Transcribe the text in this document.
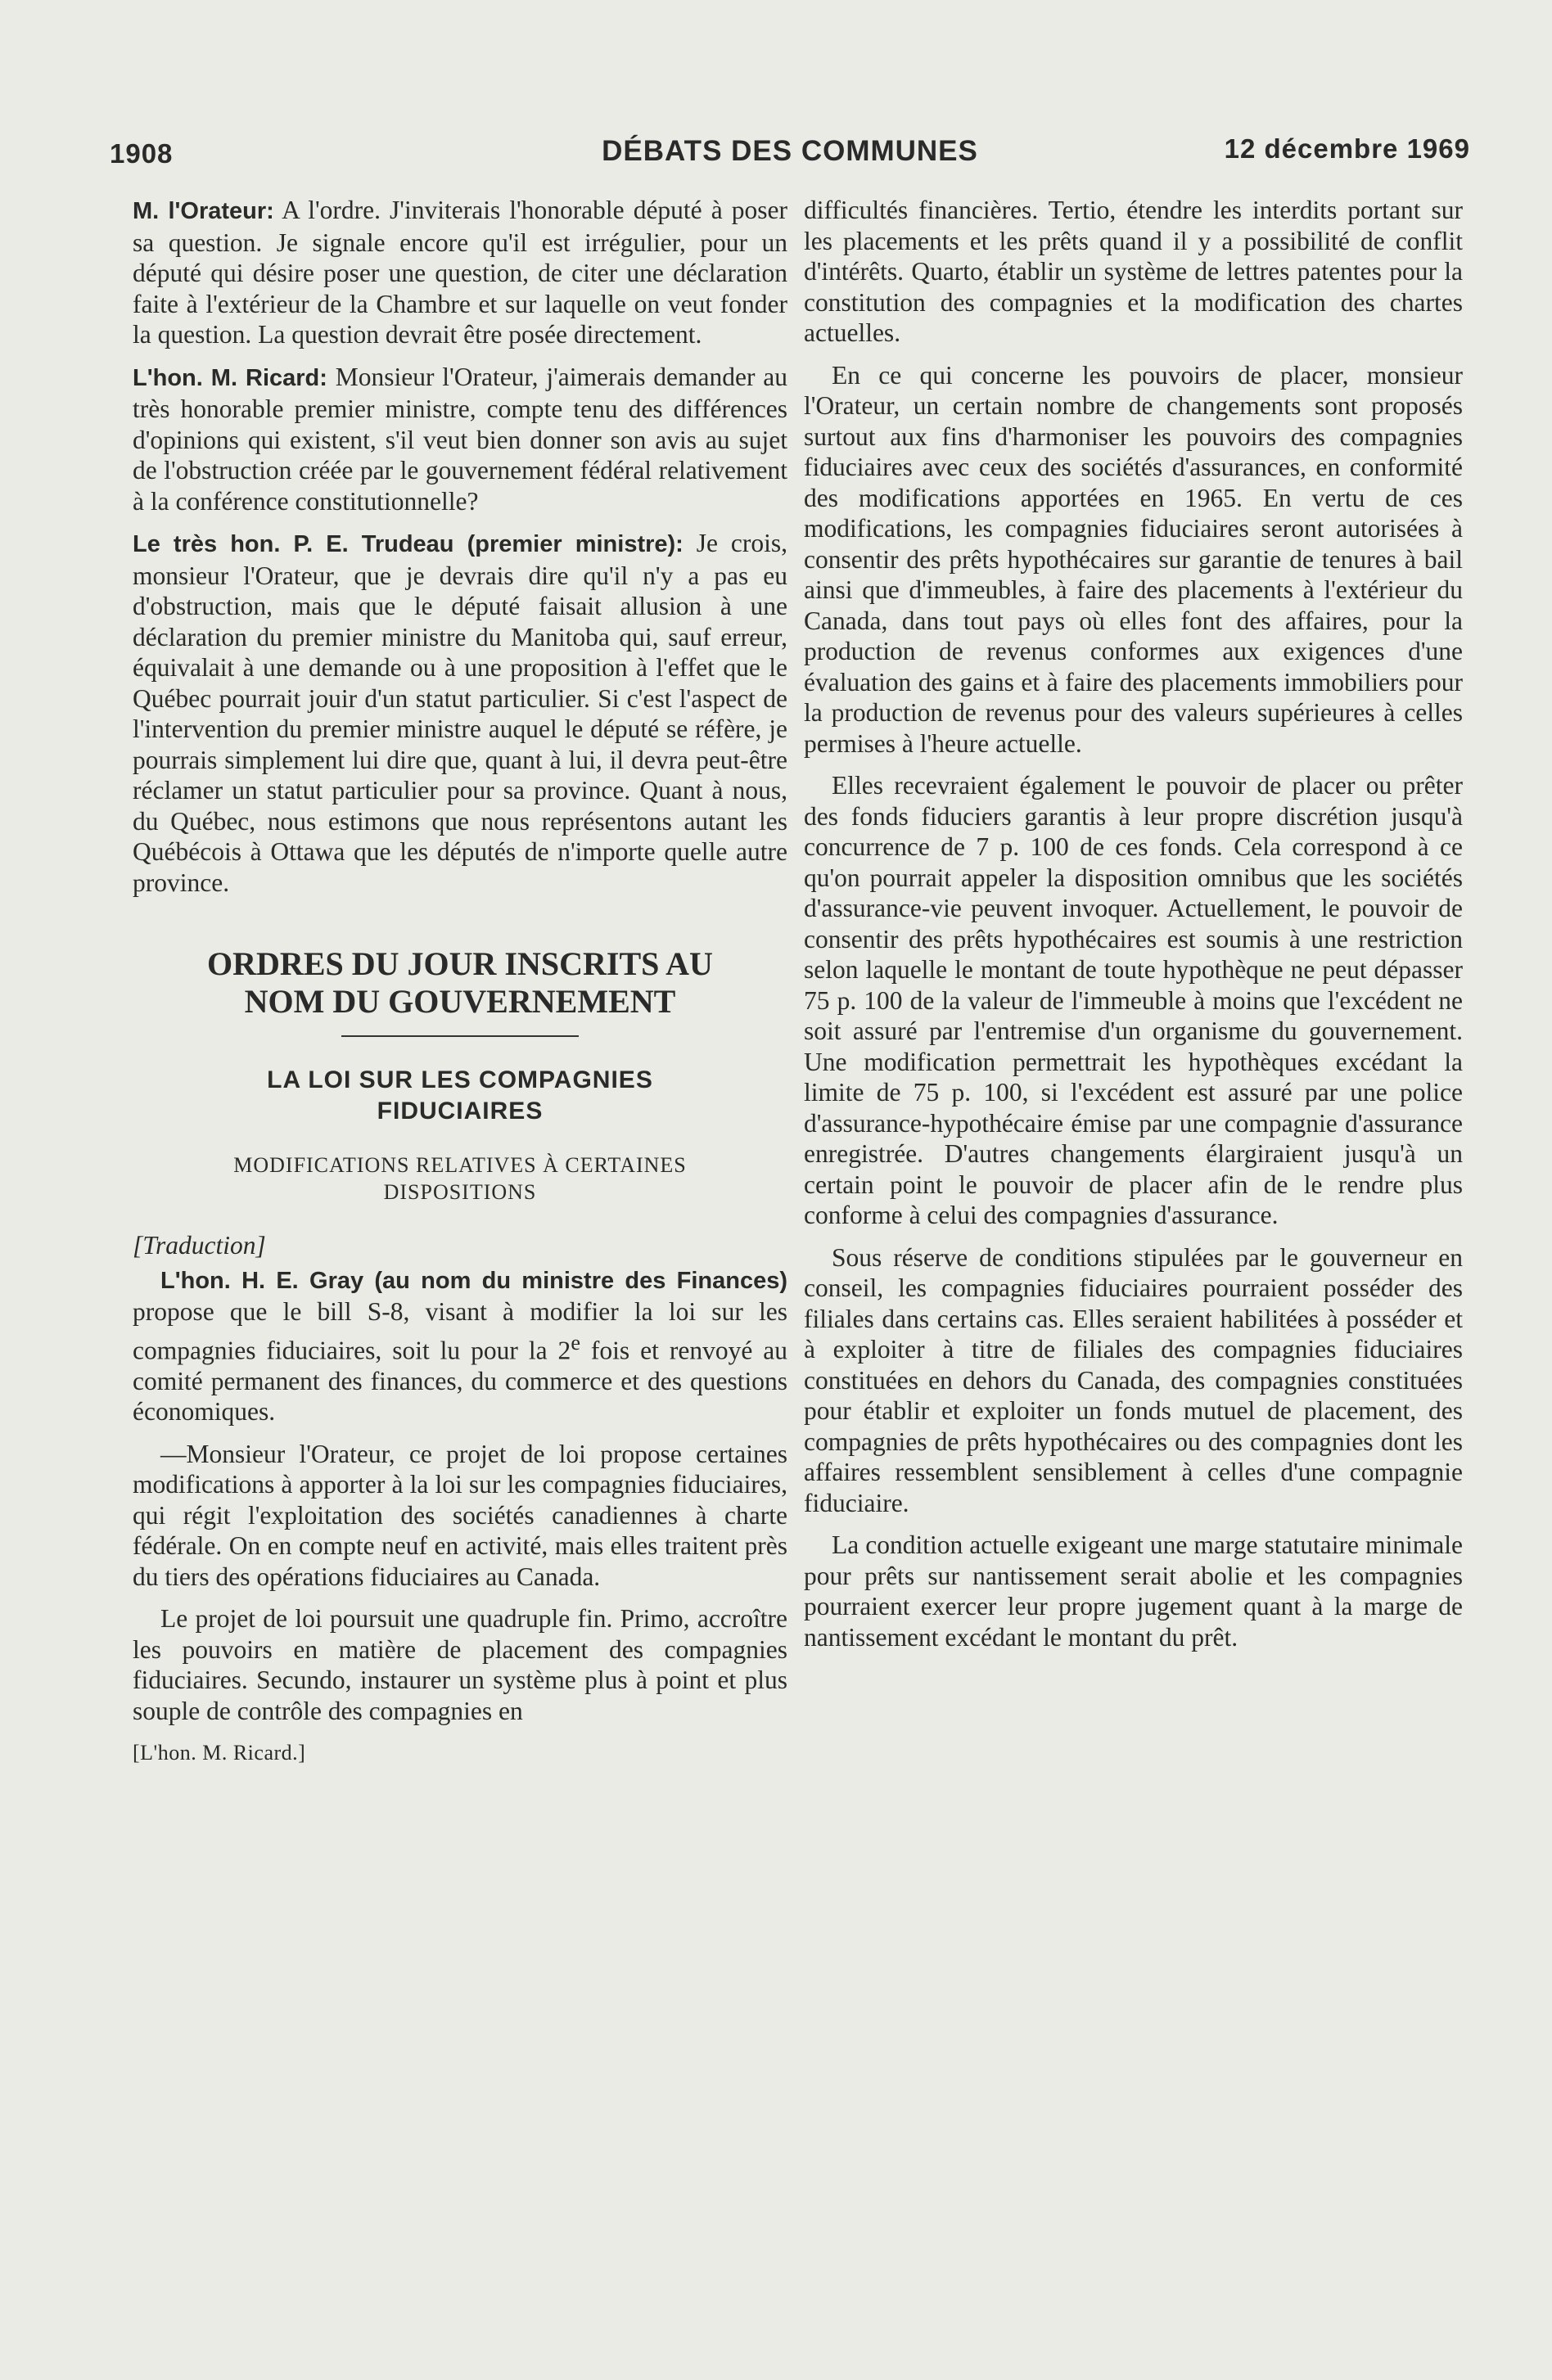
1908	DÉBATS DES COMMUNES	12 décembre 1969

M. l'Orateur: A l'ordre. J'inviterais l'honorable député à poser sa question. Je signale encore qu'il est irrégulier, pour un député qui désire poser une question, de citer une déclaration faite à l'extérieur de la Chambre et sur laquelle on veut fonder la question. La question devrait être posée directement.

L'hon. M. Ricard: Monsieur l'Orateur, j'aimerais demander au très honorable premier ministre, compte tenu des différences d'opinions qui existent, s'il veut bien donner son avis au sujet de l'obstruction créée par le gouvernement fédéral relativement à la conférence constitutionnelle?

Le très hon. P. E. Trudeau (premier ministre): Je crois, monsieur l'Orateur, que je devrais dire qu'il n'y a pas eu d'obstruction, mais que le député faisait allusion à une déclaration du premier ministre du Manitoba qui, sauf erreur, équivalait à une demande ou à une proposition à l'effet que le Québec pourrait jouir d'un statut particulier. Si c'est l'aspect de l'intervention du premier ministre auquel le député se réfère, je pourrais simplement lui dire que, quant à lui, il devra peut-être réclamer un statut particulier pour sa province. Quant à nous, du Québec, nous estimons que nous représentons autant les Québécois à Ottawa que les députés de n'importe quelle autre province.

ORDRES DU JOUR INSCRITS AU
NOM DU GOUVERNEMENT
LA LOI SUR LES COMPAGNIES
FIDUCIAIRES
MODIFICATIONS RELATIVES À CERTAINES
DISPOSITIONS

[Traduction]

L'hon. H. E. Gray (au nom du ministre des Finances) propose que le bill S-8, visant à modifier la loi sur les compagnies fiduciaires, soit lu pour la 2e fois et renvoyé au comité permanent des finances, du commerce et des questions économiques.

—Monsieur l'Orateur, ce projet de loi propose certaines modifications à apporter à la loi sur les compagnies fiduciaires, qui régit l'exploitation des sociétés canadiennes à charte fédérale. On en compte neuf en activité, mais elles traitent près du tiers des opérations fiduciaires au Canada.

Le projet de loi poursuit une quadruple fin. Primo, accroître les pouvoirs en matière de placement des compagnies fiduciaires. Secundo, instaurer un système plus à point et plus souple de contrôle des compagnies en

[L'hon. M. Ricard.]

difficultés financières. Tertio, étendre les interdits portant sur les placements et les prêts quand il y a possibilité de conflit d'intérêts. Quarto, établir un système de lettres patentes pour la constitution des compagnies et la modification des chartes actuelles.

En ce qui concerne les pouvoirs de placer, monsieur l'Orateur, un certain nombre de changements sont proposés surtout aux fins d'harmoniser les pouvoirs des compagnies fiduciaires avec ceux des sociétés d'assurances, en conformité des modifications apportées en 1965. En vertu de ces modifications, les compagnies fiduciaires seront autorisées à consentir des prêts hypothécaires sur garantie de tenures à bail ainsi que d'immeubles, à faire des placements à l'extérieur du Canada, dans tout pays où elles font des affaires, pour la production de revenus conformes aux exigences d'une évaluation des gains et à faire des placements immobiliers pour la production de revenus pour des valeurs supérieures à celles permises à l'heure actuelle.

Elles recevraient également le pouvoir de placer ou prêter des fonds fiduciers garantis à leur propre discrétion jusqu'à concurrence de 7 p. 100 de ces fonds. Cela correspond à ce qu'on pourrait appeler la disposition omnibus que les sociétés d'assurance-vie peuvent invoquer. Actuellement, le pouvoir de consentir des prêts hypothécaires est soumis à une restriction selon laquelle le montant de toute hypothèque ne peut dépasser 75 p. 100 de la valeur de l'immeuble à moins que l'excédent ne soit assuré par l'entremise d'un organisme du gouvernement. Une modification permettrait les hypothèques excédant la limite de 75 p. 100, si l'excédent est assuré par une police d'assurance-hypothécaire émise par une compagnie d'assurance enregistrée. D'autres changements élargiraient jusqu'à un certain point le pouvoir de placer afin de le rendre plus conforme à celui des compagnies d'assurance.

Sous réserve de conditions stipulées par le gouverneur en conseil, les compagnies fiduciaires pourraient posséder des filiales dans certains cas. Elles seraient habilitées à posséder et à exploiter à titre de filiales des compagnies fiduciaires constituées en dehors du Canada, des compagnies constituées pour établir et exploiter un fonds mutuel de placement, des compagnies de prêts hypothécaires ou des compagnies dont les affaires ressemblent sensiblement à celles d'une compagnie fiduciaire.

La condition actuelle exigeant une marge statutaire minimale pour prêts sur nantissement serait abolie et les compagnies pourraient exercer leur propre jugement quant à la marge de nantissement excédant le montant du prêt.
